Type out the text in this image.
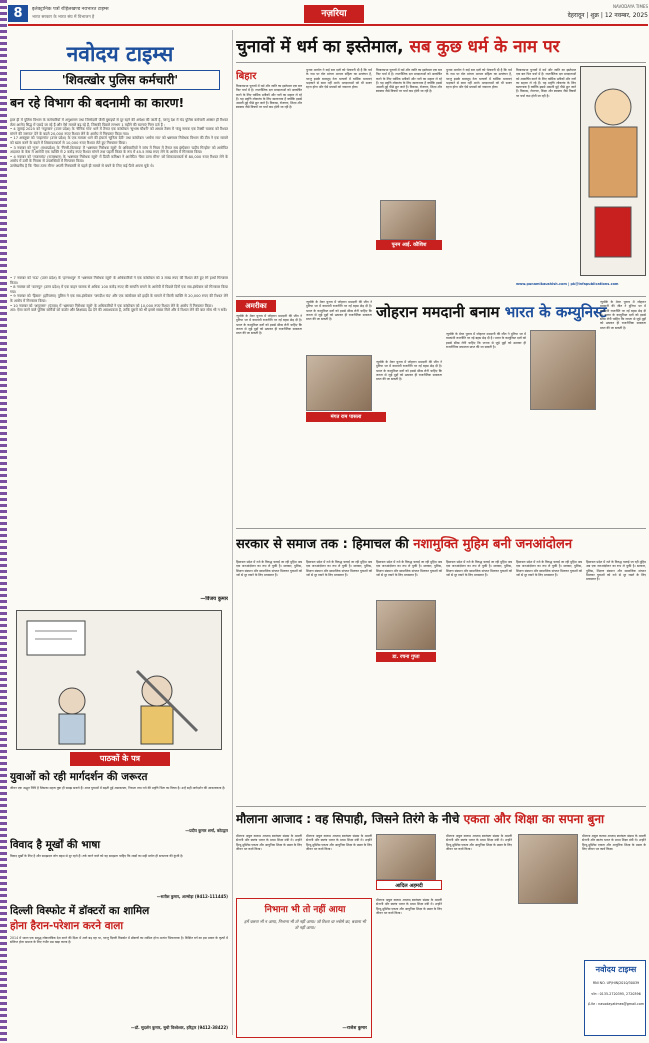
8	इलेक्ट्रानिक पत्रों रोहिलखण्ड नवभारत टाइम्स
भारत सरकार के भारत संघ में विभाजन है	नज़रिया
NAVODAYA TIMES
देहरादून | शुक्र | 12 नवम्बर, 2025
नवोदय टाइम्स
'शिवत्खोर पुलिस कर्मचारी'
बन रहे विभाग की बदनामी का कारण!
हाल ही में पुलिस विभाग के कर्मचारियों में अनुशासन तथा जिम्मेदारी जैसी बुराइयों से दूर रहने की अपेक्षा की जाती है, परन्तु देश में चंद पुलिस कर्मचारी अक्सर ही रिश्वत लेता आरोप सिद्ध में पकड़े जा रहे हैं और ऐसे मामले बढ़ रहे हैं, जिसकी पिछले लगभग 1 महीने की घटनाएं निम्न दर्ज हैं :
• 4 जुलाई 2025 को 'नदुरबार' (उत्तर प्रदेश) के 'सैनिक गांव' थाने में तैनात एक कांस्टेबल 'सुभाष चौधरी' को आधार टैक्स में 'कंबु नामक एक टैक्सी चालक को रिश्वत मांगने की जरूरत' देने के बदले 20,000 रुपए रिश्वत लेने के आरोप में गिरफ्तार किया गया।
• 17 अक्तूबर को 'ताहागांव' (उत्तर प्रदेश) के एक मामला थाने की इंचार्ज 'सुनिता देवी' तथा कांस्टेबल 'अर्चना राय' को भ्रष्टाचार निरोधक विभाग की टीम ने एक मामले को खत्म करने के बदले में शिकायतकर्ता से 10,000 रुपए रिश्वत लेते हुए गिरफ्तार किया।
• 3 नवम्बर को 'गुना' (मध्यप्रदेश) के 'निगरी-धितवाड़' में 'भ्रष्टाचार निरोधक ब्यूरो' के अधिकारियों ने जांच में नियम में तैनात सब इंस्पेक्टर 'प्रदीप गिरहोत्र' को आरोपित अदालत के केस में आरोपी एक व्यक्ति से 2 करोड़ रुपए रिश्वत मांगने तथा पहली किस्त के रूप में 45.5 लाख रुपए लेने के आरोप में गिरफ्तार किया।
• 4 नवम्बर को 'राजसमंद' (राजस्थान) के 'भ्रष्टाचार निरोधक ब्यूरो' में डिप्टी कमिश्नर ने आरोपित 'पैसा ठाना मीना' को शिकायतकर्ता से 80,000 रुपए रिश्वत लेने के आरोप में उसी के निवास से उपलब्धियों में गिरफ्तार किया।
उल्लेखनीय है कि 'पैसा ठाना मीना' अपनी गिरफ्तारी से पहले ही मामले से बचने के लिए कई पैंतरे अपना चुके थे।
• 7 नवम्बर को 'मऊ' (उत्तर प्रदेश) के 'हरनाथपुर' में 'भ्रष्टाचार निरोधक ब्यूरो' के अधिकारियों ने एक कांस्टेबल को 3 लाख रुपए की रिश्वत लेते हुए रंगे हाथों गिरफ्तार किया।
• 8 नवम्बर को 'कानपुर' (उत्तर प्रदेश) में एक वाहन चालक से अधिक 100 करोड़ रुपए की सम्पत्ति बनाने के आरोपी में पिछले दिनों एक सब-इंस्पेक्टर को गिरफ्तार किया गया।
• 9 नवम्बर को 'हिसार' (हरियाणा) पुलिस ने एक सब-इंस्पेक्टर 'जगदीश चंद' और एक कांस्टेबल को हाईवे के मामले में किसी व्यक्ति से 20,000 रुपए की रिश्वत लेने के आरोप में गिरफ्तार किया।
• 10 नवम्बर को 'अमृतसर' (पंजाब) में 'भ्रष्टाचार निरोधक ब्यूरो' के अधिकारियों ने एक कांस्टेबल को 10,000 रुपए रिश्वत लेने के आरोप में गिरफ्तार किया।
अत: ऐसा करने वाले पुलिस कर्मियों को कठोर और शिक्षाप्रद दंड देने की आवश्यकता है, ताकि दूसरों को भी इससे सबक मिले और वे रिश्वत लेने की बात सोच भी न सकें।
—विजय कुमार
पाठकों के पत्र
युवाओं को रही मार्गदर्शन की जरूरत
जीवन एक अद्भुत निधि है जिसका महत्व युवा ही समझ सकते हैं। आज युवाओं में बढ़ती हुई असफलता, निराशा तथा नशे की प्रवृत्ति चिंता का विषय है। उन्हें सही मार्गदर्शन की आवश्यकता है।
—प्रदीप कुमार शर्मा, कोटद्वार
विवाद है मूर्खों की भाषा
विवाद मूर्खों के लिए है और समझदार लोग बहस से दूर रहते हैं। तर्क करने वाले को यह समझना चाहिए कि शब्दों का सही प्रयोग ही सफलता की कुंजी है।
—सतीश कुमार, अल्मोड़ा (9412-111445)
दिल्ली विस्फोट में डॉक्टरों का शामिल
होना हैरान-परेशान करने वाला
2014 में भारत एक समृद्ध लोकतांत्रिक देश बनने की दिशा में आगे बढ़ रहा था, परन्तु दिल्ली विस्फोट में डॉक्टरों का शामिल होना अत्यंत चिंताजनक है। शिक्षित वर्ग का इस प्रकार के कृत्यों में संलिप्त होना समाज के लिए गंभीर प्रश्न खड़ा करता है।
—डॉ. सुदर्शन कुमार, सुधी विश्वेश्वर, हरिद्वार (9412-38422)
चुनावों में धर्म का इस्तेमाल, सब कुछ धर्म के नाम पर
बिहार
विधानसभा चुनावों में धर्म और जाति का इस्तेमाल एक बार फिर चर्चा में है। राजनीतिक दल मतदाताओं को आकर्षित करने के लिए धार्मिक प्रतीकों और नारों का सहारा ले रहे हैं। यह प्रवृत्ति लोकतंत्र के लिए खतरनाक है क्योंकि इससे असली मुद्दे पीछे छूट जाते हैं। विकास, रोजगार, शिक्षा और स्वास्थ्य जैसे विषयों पर चर्चा कम होती जा रही है।
चुनाव आयोग ने कई बार दलों को चेतावनी दी है कि धर्म के नाम पर वोट मांगना आचार संहिता का उल्लंघन है, परन्तु इसके बावजूद नेता भाषणों में धार्मिक भावनाएं भड़काने से बाज नहीं आते। मतदाताओं को भी सजग रहना होगा और ऐसे प्रयासों को नकारना होगा।
विधानसभा चुनावों में धर्म और जाति का इस्तेमाल एक बार फिर चर्चा में है। राजनीतिक दल मतदाताओं को आकर्षित करने के लिए धार्मिक प्रतीकों और नारों का सहारा ले रहे हैं। यह प्रवृत्ति लोकतंत्र के लिए खतरनाक है क्योंकि इससे असली मुद्दे पीछे छूट जाते हैं। विकास, रोजगार, शिक्षा और स्वास्थ्य जैसे विषयों पर चर्चा कम होती जा रही है।
पूनम आई. कौशिश
चुनाव आयोग ने कई बार दलों को चेतावनी दी है कि धर्म के नाम पर वोट मांगना आचार संहिता का उल्लंघन है, परन्तु इसके बावजूद नेता भाषणों में धार्मिक भावनाएं भड़काने से बाज नहीं आते। मतदाताओं को भी सजग रहना होगा और ऐसे प्रयासों को नकारना होगा।
विधानसभा चुनावों में धर्म और जाति का इस्तेमाल एक बार फिर चर्चा में है। राजनीतिक दल मतदाताओं को आकर्षित करने के लिए धार्मिक प्रतीकों और नारों का सहारा ले रहे हैं। यह प्रवृत्ति लोकतंत्र के लिए खतरनाक है क्योंकि इससे असली मुद्दे पीछे छूट जाते हैं। विकास, रोजगार, शिक्षा और स्वास्थ्य जैसे विषयों पर चर्चा कम होती जा रही है।
www.punamikaushish.com | pk@infapublications.com
अमरीका
न्यूयॉर्क के मेयर चुनाव में जोहरान ममदानी की जीत ने दुनिया भर में वामपंथी राजनीति पर नई बहस छेड़ दी है। भारत के कम्युनिस्ट दलों को इससे सीख लेनी चाहिए कि जनता से जुड़े मुद्दों को उठाकर ही राजनीतिक सफलता प्राप्त की जा सकती है।
न्यूयॉर्क के मेयर चुनाव में जोहरान ममदानी की जीत ने दुनिया भर में वामपंथी राजनीति पर नई बहस छेड़ दी है। भारत के कम्युनिस्ट दलों को इससे सीख लेनी चाहिए कि जनता से जुड़े मुद्दों को उठाकर ही राजनीतिक सफलता प्राप्त की जा सकती है।
मंगत राम पासला
न्यूयॉर्क के मेयर चुनाव में जोहरान ममदानी की जीत ने दुनिया भर में वामपंथी राजनीति पर नई बहस छेड़ दी है। भारत के कम्युनिस्ट दलों को इससे सीख लेनी चाहिए कि जनता से जुड़े मुद्दों को उठाकर ही राजनीतिक सफलता प्राप्त की जा सकती है।
जोहरान ममदानी बनाम भारत के कम्युनिस्ट
न्यूयॉर्क के मेयर चुनाव में जोहरान ममदानी की जीत ने दुनिया भर में वामपंथी राजनीति पर नई बहस छेड़ दी है। भारत के कम्युनिस्ट दलों को इससे सीख लेनी चाहिए कि जनता से जुड़े मुद्दों को उठाकर ही राजनीतिक सफलता प्राप्त की जा सकती है।
न्यूयॉर्क के मेयर चुनाव में जोहरान ममदानी की जीत ने दुनिया भर में वामपंथी राजनीति पर नई बहस छेड़ दी है। भारत के कम्युनिस्ट दलों को इससे सीख लेनी चाहिए कि जनता से जुड़े मुद्दों को उठाकर ही राजनीतिक सफलता प्राप्त की जा सकती है।
सरकार से समाज तक : हिमाचल की नशामुक्ति मुहिम बनी जनआंदोलन
हिमाचल प्रदेश में नशे के विरुद्ध चलाई जा रही मुहिम अब एक जनआंदोलन का रूप ले चुकी है। सरकार, पुलिस, शिक्षण संस्थान और सामाजिक संगठन मिलकर युवाओं को नशे से दूर रखने के लिए प्रयासरत हैं।
हिमाचल प्रदेश में नशे के विरुद्ध चलाई जा रही मुहिम अब एक जनआंदोलन का रूप ले चुकी है। सरकार, पुलिस, शिक्षण संस्थान और सामाजिक संगठन मिलकर युवाओं को नशे से दूर रखने के लिए प्रयासरत हैं।
डा. रचना गुप्ता
हिमाचल प्रदेश में नशे के विरुद्ध चलाई जा रही मुहिम अब एक जनआंदोलन का रूप ले चुकी है। सरकार, पुलिस, शिक्षण संस्थान और सामाजिक संगठन मिलकर युवाओं को नशे से दूर रखने के लिए प्रयासरत हैं।
हिमाचल प्रदेश में नशे के विरुद्ध चलाई जा रही मुहिम अब एक जनआंदोलन का रूप ले चुकी है। सरकार, पुलिस, शिक्षण संस्थान और सामाजिक संगठन मिलकर युवाओं को नशे से दूर रखने के लिए प्रयासरत हैं।
हिमाचल प्रदेश में नशे के विरुद्ध चलाई जा रही मुहिम अब एक जनआंदोलन का रूप ले चुकी है। सरकार, पुलिस, शिक्षण संस्थान और सामाजिक संगठन मिलकर युवाओं को नशे से दूर रखने के लिए प्रयासरत हैं।
हिमाचल प्रदेश में नशे के विरुद्ध चलाई जा रही मुहिम अब एक जनआंदोलन का रूप ले चुकी है। सरकार, पुलिस, शिक्षण संस्थान और सामाजिक संगठन मिलकर युवाओं को नशे से दूर रखने के लिए प्रयासरत हैं।
मौलाना आजाद : वह सिपाही, जिसने तिरंगे के नीचे एकता और शिक्षा का सपना बुना
मौलाना अबुल कलाम आजाद स्वतंत्रता संग्राम के अग्रणी सेनानी और स्वतंत्र भारत के प्रथम शिक्षा मंत्री थे। उन्होंने हिन्दू-मुस्लिम एकता और आधुनिक शिक्षा के प्रसार के लिए जीवन भर कार्य किया।
मौलाना अबुल कलाम आजाद स्वतंत्रता संग्राम के अग्रणी सेनानी और स्वतंत्र भारत के प्रथम शिक्षा मंत्री थे। उन्होंने हिन्दू-मुस्लिम एकता और आधुनिक शिक्षा के प्रसार के लिए जीवन भर कार्य किया।
आदिल अहमदी
मौलाना अबुल कलाम आजाद स्वतंत्रता संग्राम के अग्रणी सेनानी और स्वतंत्र भारत के प्रथम शिक्षा मंत्री थे। उन्होंने हिन्दू-मुस्लिम एकता और आधुनिक शिक्षा के प्रसार के लिए जीवन भर कार्य किया।
मौलाना अबुल कलाम आजाद स्वतंत्रता संग्राम के अग्रणी सेनानी और स्वतंत्र भारत के प्रथम शिक्षा मंत्री थे। उन्होंने हिन्दू-मुस्लिम एकता और आधुनिक शिक्षा के प्रसार के लिए जीवन भर कार्य किया।
निभाना भी तो नहीं आया
हमें चलना भी न आया, निभाना भी तो नहीं आया। जो रिश्ता था भरोसे का, बचाना भी तो नहीं आया।
—राजेश कुमार
मौलाना अबुल कलाम आजाद स्वतंत्रता संग्राम के अग्रणी सेनानी और स्वतंत्र भारत के प्रथम शिक्षा मंत्री थे। उन्होंने हिन्दू-मुस्लिम एकता और आधुनिक शिक्षा के प्रसार के लिए जीवन भर कार्य किया।
नवोदय टाइम्स
RNI NO. UP/HIN/2010/30039
फोन : 0135-2720395, 2720396
ई-मेल : navodayatimes@gmail.com
